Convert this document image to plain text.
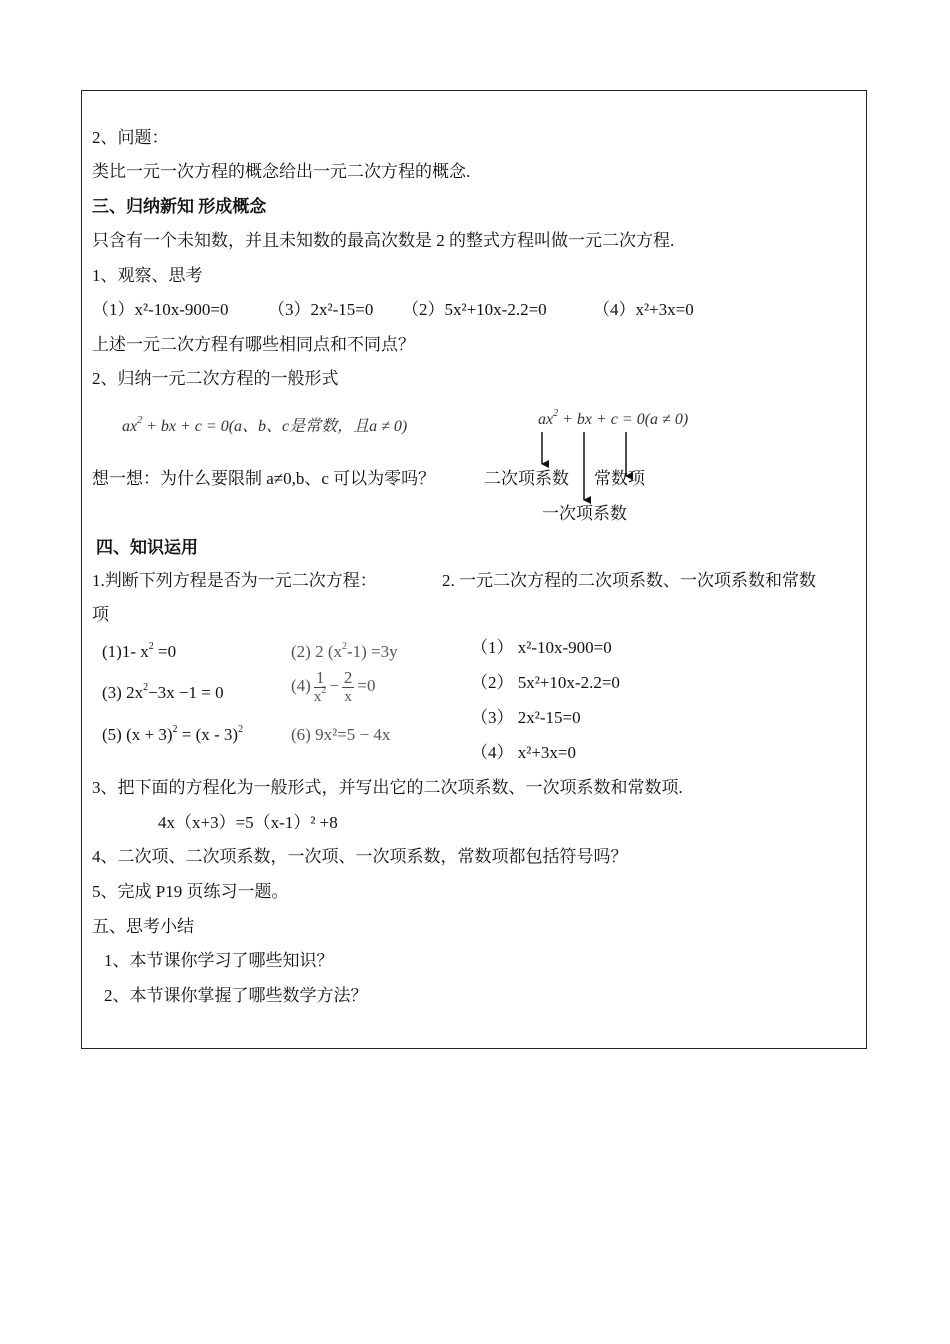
2、问题：
类比一元一次方程的概念给出一元二次方程的概念.
三、归纳新知 形成概念
只含有一个未知数，并且未知数的最高次数是 2 的整式方程叫做一元二次方程.
1、观察、思考
（1）x²-10x-900=0 （3）2x²-15=0 （2）5x²+10x-2.2=0	（4）x²+3x=0
上述一元二次方程有哪些相同点和不同点？
2、归纳一元二次方程的一般形式
$ax^2$ + bx + c = 0(a、b、c是常数，且a ≠ 0)	$ax^2$ + bx + c = 0(a ≠ 0)
想一想：为什么要限制 a≠0,b、c 可以为零吗？	二次项系数 常数项
一次项系数
四、知识运用
1.判断下列方程是否为一元二次方程：	2. 一元二次方程的二次项系数、一次项系数和常数
项
(1)1- $x^2 =0$	(2) 2 $(x^2-1) =3y$
(3) $2x^2-3x -1 = 0$	$(4) \frac{1}{x^2} - \frac{2}{x} =0$
(5) $(x + 3)^2 = (x - 3)^2$	(6) 9x²=5 − 4x
（1） x²-10x-900=0
（2） 5x²+10x-2.2=0
（3） 2x²-15=0
（4） x²+3x=0
3、把下面的方程化为一般形式，并写出它的二次项系数、一次项系数和常数项.
4x（x+3）=5（x-1）² +8
4、二次项、二次项系数，一次项、一次项系数，常数项都包括符号吗？
5、完成 P19 页练习一题。
五、思考小结
1、本节课你学习了哪些知识？
2、本节课你掌握了哪些数学方法？
